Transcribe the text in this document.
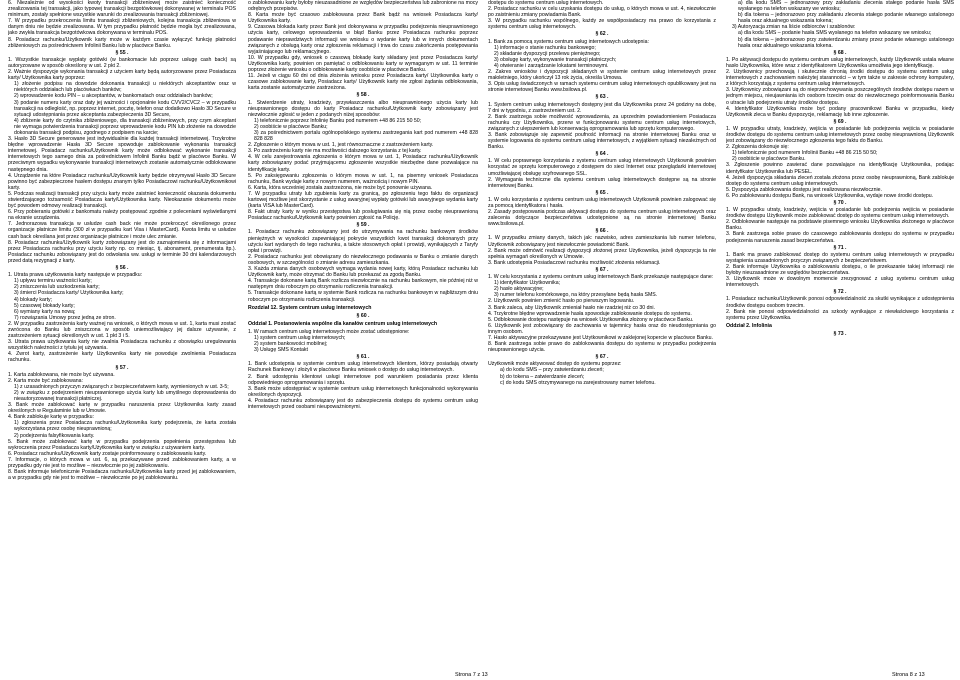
6. Niezależnie od wysokości kwoty transakcji zbliżeniowej może zaistnieć konieczność zrealizowania tej transakcji, jako typowej transakcji bezgotówkowej dokonywanej w terminalu POS minimum, zostały spełnione wszystkie warunki do zrealizowania transakcji zbliżeniowej.

7. W przypadku przekroczenia limitu transakcji zbliżeniowych, kolejna transakcja zbliżeniowa w danym dniu nie będzie zrealizowana. W tym przypadku płatność będzie mogła być zrealizowana, jako zwykła transakcja bezgotówkowa dokonywana w terminalu POS.

8. Posiadacz rachunku/Użytkownik karty może w każdym czasie wyłączyć funkcję płatności zbliżeniowych za pośrednictwem Infolinii Banku lub w placówce Banku.

§ 55 .

1. Wszystkie transakcje wypłaty gotówki (w bankomacie lub poprzez usługę cash back) są autoryzowane w sposób określony w ust. 2 pkt 2.

2. Ważnie dyspozycje wykonania transakcji z użyciem karty będą autoryzowane przez Posiadacza karty/ Użytkownika karty poprzez:

1) złożenie podpisu na dowodzie dokonania transakcji u niektórych akceptantów oraz w niektórych oddziałach lub placówkach banków;

2) wprowadzenie kodu PIN – u akceptantów, w bankomatach oraz oddziałach banków;

3) podanie numeru karty oraz daty jej ważności i opcjonalnie kodu CVV2/CVC2 – w przypadku transakcji na odległość, np. poprzez internet, pocztę, telefon oraz dodatkowo Hasło 3D Secure w sytuacji udostępniania przez akceptanta zabezpieczenia 3D Secure,

4) zbliżenie karty do czytnika zbliżeniowego, dla transakcji zbliżeniowych, przy czym akceptant nie wymaga potwierdzenia transakcji poprzez wprowadzenie kodu PIN lub złożenie na dowodzie dokonania transakcji podpisu, zgodnego z podpisem na karcie;

3. Hasło 3D Secure generowane jest indywidualnie dla każdej transakcji internetowej. Trzykrotne błędne wprowadzenie Hasła 3D Secure spowoduje zablokowanie wykonania transakcji internetowej. Posiadacz rachunku/Użytkownik karty może odblokować wykonanie transakcji internetowych tego samego dnia za pośrednictwem Infolinii Banku bądź w placówce Banku. W przeciwnym wypadku wykonywanie transakcji internetowych zostanie automatycznie odblokowane następnego dnia.

4. Urządzenie na które Posiadacz rachunku/Użytkownik karty będzie otrzymywał Hasło 3D Secure powinno być zabezpieczone hasłem dostępu znanym tylko Posiadaczowi rachunku/Użytkownikowi karty.

5. Podczas realizacji transakcji przy użyciu karty może zaistnieć konieczność okazania dokumentu stwierdzającego tożsamość Posiadacza karty/Użytkownika karty. Nieokazanie dokumentu może być powodem odmowy realizacji transakcji.

6. Przy pobieraniu gotówki z bankomatu należy postępować zgodnie z poleceniami wyświetlanymi na ekranie urządzenia.

7. Jednorazowa transakcja w usłudze cash back nie może przekroczyć określonego przez organizacje płatnicze limitu (300 zł w przypadku kart Visa i MasterCard). Kwota limitu w usłudze cash back określana jest przez organizacje płatnicze i może ulec zmianie.

8. Posiadacz rachunku/Użytkownik karty zobowiązany jest do zaznajomienia się z informacjami przez Posiadacza rachunku przy użyciu karty np. co miesiąc, tj. abonament, prenumerata itp.). Posiadacz rachunku zobowiązany jest do odwołania ww. usługi w terminie 30 dni kalendarzowych przed datą rezygnacji z karty.

§ 56 .

1. Utrata prawa użytkowania karty następuje w przypadku:

1) upływu terminu ważności karty;

2) zniszczenia lub uszkodzenia karty;

3) śmierci Posiadacza karty/ Użytkownika karty;

4) blokady karty;

5) czasowej blokady karty;

6) wymiany karty na nową;

7) rozwiązania Umowy przez jedną ze stron.

2. W przypadku zastrzeżenia karty ważnej na wniosek, o których mowa w ust. 1, karta musi zostać zwrócona do Banku lub zniszczona w sposób uniemożliwiający jej dalsze używanie, z zastrzeżeniem sytuacji określonych w ust. 1 pkt 3 i 5.

3. Utrata prawa użytkowania karty nie zwalnia Posiadacza rachunku z obowiązku uregulowania wszystkich należności z tytułu jej używania.

4. Zwrot karty, zastrzeżenie karty Użytkownika karty nie powoduje zwolnienia Posiadacza rachunku.

§ 57 .

1. Karta zablokowana, nie może być używana.

2. Karta może być zablokowana:

1) z uzasadnionych przyczyn związanych z bezpieczeństwem karty, wymienionych w ust. 3-5;

2) w związku z podejrzeniem nieuprawnionego użycia karty lub umyślnego doprowadzenia do nieautoryzowanej transakcji płatniczej.

3. Bank może zablokować kartę w przypadku naruszenia przez Użytkownika karty zasad określonych w Regulaminie lub w Umowie.

4. Bank zablokuje kartę w przypadku:

1) zgłoszenia przez Posiadacza rachunku/Użytkownika karty podejrzenia, że karta została wykorzystana przez osobę nieuprawnioną;

2) podejrzenia falsyfikowania karty.

5. Bank może zablokować kartę w przypadku podejrzenia popełnienia przestępstwa lub wykroczenia przez Posiadacza karty/Użytkownika karty w związku z używaniem karty.

6. Posiadacz rachunku/Użytkownik karty zostaje poinformowany o zablokowaniu karty.

7. Informacje, o których mowa w ust. 6, są przekazywane przed zablokowaniem karty, a w przypadku gdy nie jest to możliwe – niezwłocznie po jej zablokowaniu.

8. Bank informuje telefonicznie Posiadacza rachunku/Użytkownika karty przed jej zablokowaniem, a w przypadku gdy nie jest to możliwe – niezwłocznie po jej zablokowaniu.

o zablokowaniu karty byłoby nieuzasadnione ze względów bezpieczeństwa lub zabronione na mocy odrębnych przepisów.

8. Karta może być czasowo zablokowana przez Bank bądź na wniosek Posiadacza karty/ Użytkownika karty.

9. Czasowa blokada karty przez Bank jest dokonywana w przypadku podejrzenia nieuprawnionego użycia karty, celowego wprowadzenia w błąd Banku przez Posiadacza rachunku poprzez podawanie nieprawdziwych informacji we wniosku o wydanie karty lub w innych dokumentach związanych z obsługą karty oraz zgłoszenia reklamacji i trwa do czasu zakończenia postępowania wyjaśniającego lub reklamacyjnego.

10. W przypadku gdy, wniosek o czasową blokadę karty składany jest przez Posiadacza karty/ Użytkownika karty, powinien on pamiętać o odblokowaniu karty w wymaganym w ust. 11 terminie poprzez złożenie wniosku o odblokowanie karty osobiście w placówce Banku.

11. Jeżeli w ciągu 60 dni od dnia złożenia wniosku przez Posiadacza karty/ Użytkownika karty o czasowe zablokowanie karty, Posiadacz karty/ Użytkownik karty nie zgłosi żądania odblokowania, karta zostanie automatycznie zastrzeżona.

§ 58 .

1. Stwierdzenie utraty, kradzieży, przywłaszczenia albo nieuprawnionego użycia karty lub nieuprawnionego dostępu do karty Posiadacz rachunku/Użytkownik karty zobowiązany jest niezwłocznie zgłosić w jeden z podanych niżej sposobów:

1) telefonicznie poprzez Infolinię Banku pod numerem +48 86 215 50 50;

2) osobiście w placówce Banku;

3) za pośrednictwem portalu ogólnopolskiego systemu zastrzegania kart pod numerem +48 828 828 828

2. Zgłoszenie o którym mowa w ust. 1, jest równoznaczne z zastrzeżeniem karty.

3. Po zastrzeżeniu karty nie ma możliwości dalszego korzystania z tej karty.

4. W celu zarejestrowania zgłoszenia o którym mowa w ust. 1, Posiadacz rachunku/Użytkownik karty zobowiązany podać przyjmującemu zgłoszenie wszystkie niezbędne dane pozwalające na identyfikację karty.

5. Po zaksięgowaniu zgłoszenia o którym mowa w ust. 1, na pisemny wniosek Posiadacza rachunku, Bank wydaje kartę z nowym numerem, ważnością i nowym PIN.

6. Karta, która wcześniej została zastrzeżona, nie może być ponownie używana.

7. W przypadku utraty lub zgubienia karty za granicą, po zgłoszeniu tego faktu do organizacji kartowej możliwe jest skorzystanie z usług awaryjnej wypłaty gotówki lub awaryjnego wydania karty (karta VISA lub MasterCard).

8. Fakt utraty karty w wyniku przestępstwa lub posługiwania się nią przez osobę nieuprawnioną Posiadacz rachunku/Użytkownik karty powinien zgłosić na Policję.

§ 59 .

1. Posiadacz rachunku zobowiązany jest do utrzymywania na rachunku bankowym środków pieniężnych w wysokości zapewniającej pokrycie wszystkich kwot transakcji dokonanych przy użyciu kart wydanych do tego rachunku, a także stosownych opłat i prowizji, wynikających z Taryfy opłat i prowizji.

2. Posiadacz rachunku jest obowiązany do niezwłocznego podawania w Banku o zmianie danych osobowych, w szczególności o zmianie adresu zamieszkania.

3. Każda zmiana danych osobowych wymaga wydania nowej karty, którą Posiadacz rachunku lub Użytkownik karty, może otrzymać do Banku lub przekazać za zgodą Banku.

4. Transakcje dokonane kartą Bank rozlicza niezwłocznie na rachunku bankowym, nie później niż w następnym dniu roboczym po otrzymaniu rozliczenia transakcji.

5. Transakcje dokonane kartą w systemie Bank rozlicza na rachunku bankowym w najbliższym dniu roboczym po otrzymaniu rozliczenia transakcji.

Rozdział 12. System centrum usług internetowych

§ 60 .

Oddział 1. Postanowienia wspólne dla kanałów centrum usług internetowych

1. W ramach centrum usług internetowych może zostać udostępnione:

1) system centrum usług internetowych;

2) system bankowości mobilnej;

3) Usługę SMS Kontakt

§ 61 .

1. Bank udostępnia w systemie centrum usług internetowych klientom, którzy posiadają otwarty Rachunek Bankowy i złożyli w placówce Banku wniosek o dostęp do usług internetowych.

2. Bank udostępnia klientowi usługi internetowe pod warunkiem posiadania przez klienta odpowiedniego oprogramowania i sprzętu.

3. Bank może udostępniać w systemie centrum usług internetowych funkcjonalności wykonywania określonych dyspozycji.

4. Posiadacz rachunku zobowiązany jest do zabezpieczenia dostępu do systemu centrum usług internetowych przed osobami nieupoważnionymi.

dostępu do systemu centrum usług internetowych.

2. Posiadacz rachunku w celu uzyskania dostępu do usług, o których mowa w ust. 4, niezwłocznie po zaistnieniu zmiany powiadamia Bank.

3. W przypadku rachunku wspólnego, każdy ze współposiadaczy ma prawo do korzystania z systemu centrum usług internetowych.

§ 62 .

1. Bank za pomocą systemu centrum usług internetowych udostępnia:

1) informacje o stanie rachunku bankowego;

2) składanie dyspozycji przelewu pieniężnego;

3) obsługę karty, wykonywanie transakcji płatniczych;

4) otwieranie i zarządzanie lokatami terminowymi.

2. Zakres wniosków i dyspozycji składanych w systemie centrum usług internetowych przez małoletniego, który ukończył 13 rok życia, określa Umowa.

3. Opis usług świadczonych w ramach systemu centrum usług internetowych opublikowany jest na stronie internetowej Banku www.bsilowa.pl.

§ 63 .

1. System centrum usług internetowych dostępny jest dla Użytkownika przez 24 godziny na dobę, 7 dni w tygodniu, z zastrzeżeniem ust. 2.

2. Bank zastrzega sobie możliwość wprowadzenia, za uprzednim powiadomieniem Posiadacza rachunku czy Użytkownika, przerw w funkcjonowaniu systemu centrum usług internetowych, związanych z ulepszeniem lub konserwacją oprogramowania lub sprzętu komputerowego.

3. Bank zobowiązuje się zapewnić poufność informacji na stronie internetowej Banku oraz w systemie logowania do systemu centrum usług internetowych, z wyjątkiem sytuacji niezależnych od Banku.

§ 64 .

1. W celu poprawnego korzystania z systemu centrum usług internetowych Użytkownik powinien korzystać ze sprzętu komputerowego z dostępem do sieci Internet oraz przeglądarki internetowej umożliwiającej obsługę szyfrowanego SSL.

2. Wymagania techniczne dla systemu centrum usług internetowych dostępne są na stronie internetowej Banku.

§ 65 .

1. W celu korzystania z systemu centrum usług internetowych Użytkownik powinien zalogować się za pomocą identyfikatora i hasła.

2. Zasady postępowania podczas aktywacji dostępu do systemu centrum usług internetowych oraz zalecenia dotyczące bezpieczeństwa udostępnione są na stronie internetowej Banku www.bsilowa.pl.

§ 66 .

1. W przypadku zmiany danych, takich jak: nazwisko, adres zamieszkania lub numer telefonu, Użytkownik zobowiązany jest niezwłocznie powiadomić Bank.

2. Bank może odmówić realizacji dyspozycji złożonej przez Użytkownika, jeżeli dyspozycja ta nie spełnia wymagań określonych w Umowie.

3. Bank udostępnia Posiadaczowi rachunku możliwość złożenia reklamacji.

§ 67 .

1. W celu korzystania z systemu centrum usług internetowych Bank przekazuje następujące dane:

1) identyfikator Użytkownika;

2) hasło aktywacyjne;

3) numer telefonu komórkowego, na który przesyłane będą hasła SMS.

2. Użytkownik powinien zmienić hasło po pierwszym logowaniu.

3. Bank zaleca, aby Użytkownik zmieniał hasło nie rzadziej niż co 30 dni.

4. Trzykrotne błędne wprowadzenie hasła spowoduje zablokowanie dostępu do systemu.

5. Odblokowanie dostępu następuje na wniosek Użytkownika złożony w placówce Banku.

6. Użytkownik jest zobowiązany do zachowania w tajemnicy hasła oraz do nieudostępniania go innym osobom.

7. Hasło aktywacyjne przekazywane jest Użytkownikowi w zaklejonej kopercie w placówce Banku.

8. Bank zastrzega sobie prawo do zablokowania dostępu do systemu w przypadku podejrzenia nieuprawnionego użycia.

§ 67 .

Użytkownik może aktywować dostęp do systemu poprzez:

a) do kodu SMS – przy zatwierdzaniu zleceń;

b) do tokena – zatwierdzanie zleceń;

c) do kodu SMS otrzymywanego na zarejestrowany numer telefonu.

a) dla kodu SMS – jednorazowy przy zakładaniu zlecenia stałego podanie hasła SMS wysłanego na telefon wskazany we wniosku;

b) dla tokena – jednorazowo przy zakładaniu zlecenia stałego podanie własnego ustalonego hasła oraz aktualnego wskazania tokena;

3) Autoryzacja zmian na liście odbiorców i szablonów:

a) dla kodu SMS – podanie hasła SMS wysłanego na telefon wskazany we wniosku;

b) dla tokena – jednorazowo przy zatwierdzaniu zmiany przez podanie własnego ustalonego hasła oraz aktualnego wskazania tokena.

§ 68 .

1. Po aktywacji dostępu do systemu centrum usług internetowych, każdy Użytkownik ustala własne hasło Użytkownika, które wraz z identyfikatorem Użytkownika umożliwia jego identyfikację.

2. Użytkownicy przechowują i skutecznie chronią środki dostępu do systemu centrum usług internetowych z zachowaniem należytej staranności – w tym także w zakresie ochrony komputery, z których korzystają z systemu centrum usług internetowych.

3. Użytkownicy zobowiązani są do nieprzechowywania poszczególnych środków dostępu razem w jednym miejscu, nieujawniania ich osobom trzecim oraz do niezwłocznego poinformowania Banku o utracie lub podejrzeniu utraty środków dostępu.

4. Identyfikator Użytkownika może być podany pracownikowi Banku w przypadku, kiedy Użytkownik zleca w Banku dyspozycje, reklamację lub inne zgłoszenie.

§ 69 .

1. W przypadku utraty, kradzieży, wejścia w posiadanie lub podejrzenia wejścia w posiadanie środków dostępu do systemu centrum usług internetowych przez osobę nieuprawnioną Użytkownik jest zobowiązany do niezwłocznego zgłoszenia tego faktu do Banku.

2. Zgłoszenia dokonuje się:

1) telefonicznie pod numerem Infolinii Banku +48 86 215 50 50;

2) osobiście w placówce Banku.

3. Zgłoszenie powinno zawierać dane pozwalające na identyfikację Użytkownika, podając identyfikator Użytkownika lub PESEL.

4. Jeżeli dyspozycja składania zleceń została złożona przez osobę nieuprawnioną, Bank zablokuje dostęp do systemu centrum usług internetowych.

5. Dyspozycja zablokowania dostępu jest realizowana niezwłocznie.

6. Po zablokowaniu dostępu Bank, na wniosek Użytkownika, wydaje nowe środki dostępu.

§ 70 .

1. W przypadku utraty, kradzieży, wejścia w posiadanie lub podejrzenia wejścia w posiadanie środków dostępu Użytkownik może zablokować dostęp do systemu centrum usług internetowych.

2. Odblokowanie następuje na podstawie pisemnego wniosku Użytkownika złożonego w placówce Banku.

3. Bank zastrzega sobie prawo do czasowego zablokowania dostępu do systemu w przypadku podejrzenia naruszenia zasad bezpieczeństwa.

§ 71 .

1. Bank ma prawo zablokować dostęp do systemu centrum usług internetowych w przypadku wystąpienia uzasadnionych przyczyn związanych z bezpieczeństwem.

2. Bank informuje Użytkownika o zablokowaniu dostępu, o ile przekazanie takiej informacji nie byłoby nieuzasadnione ze względów bezpieczeństwa.

3. Użytkownik może w dowolnym momencie zrezygnować z usług systemu centrum usług internetowych.

§ 72 .

1. Posiadacz rachunku/Użytkownik ponosi odpowiedzialność za skutki wynikające z udostępnienia środków dostępu osobom trzecim.

2. Bank nie ponosi odpowiedzialności za szkody wynikające z niewłaściwego korzystania z systemu przez Użytkownika.

Oddział 2. Infolinia

§ 73 .

Strona 7 z 13	Strona 8 z 13
